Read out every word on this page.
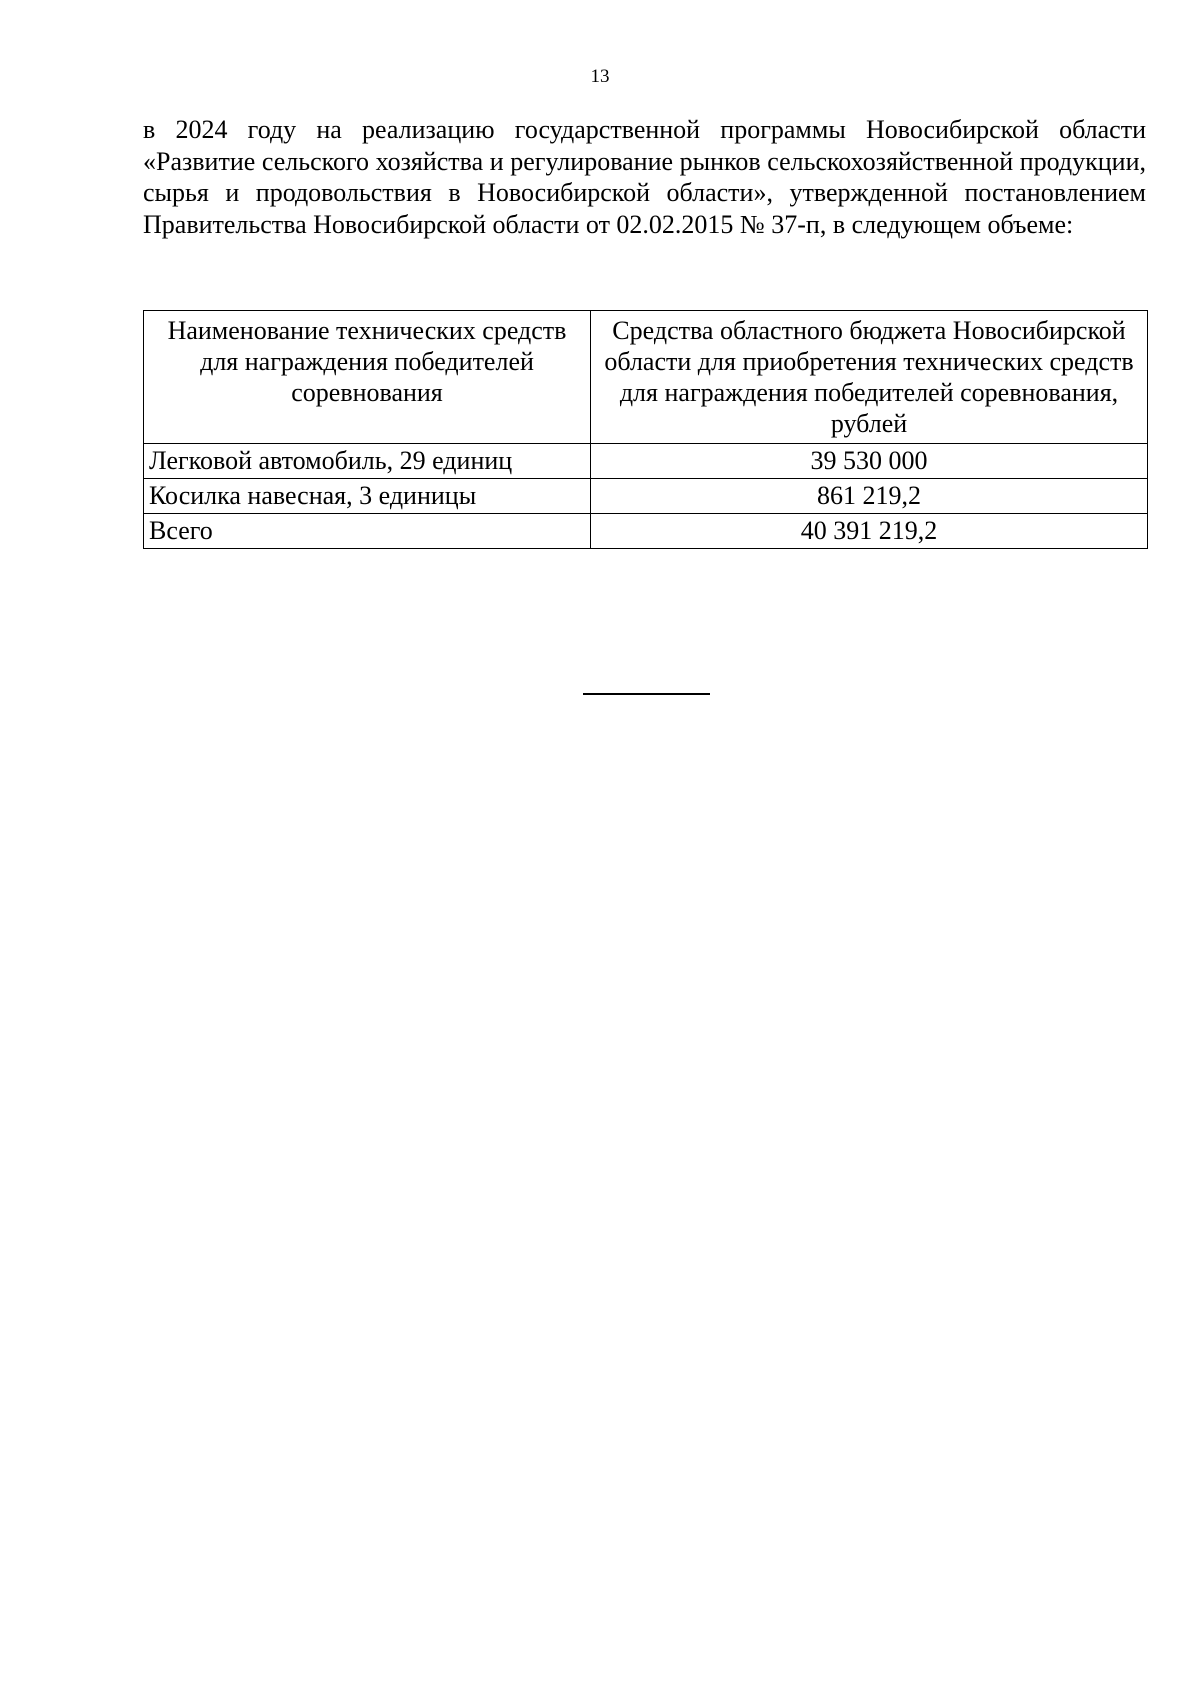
13

в 2024 году на реализацию государственной программы Новосибирской области «Развитие сельского хозяйства и регулирование рынков сельскохозяйственной продукции, сырья и продовольствия в Новосибирской области», утвержденной постановлением Правительства Новосибирской области от 02.02.2015 № 37-п, в следующем объеме:

Наименование технических средств для награждения победителей соревнования	Средства областного бюджета Новосибирской области для приобретения технических средств для награждения победителей соревнования, рублей
Легковой автомобиль, 29 единиц	39 530 000
Косилка навесная, 3 единицы	861 219,2
Всего	40 391 219,2
